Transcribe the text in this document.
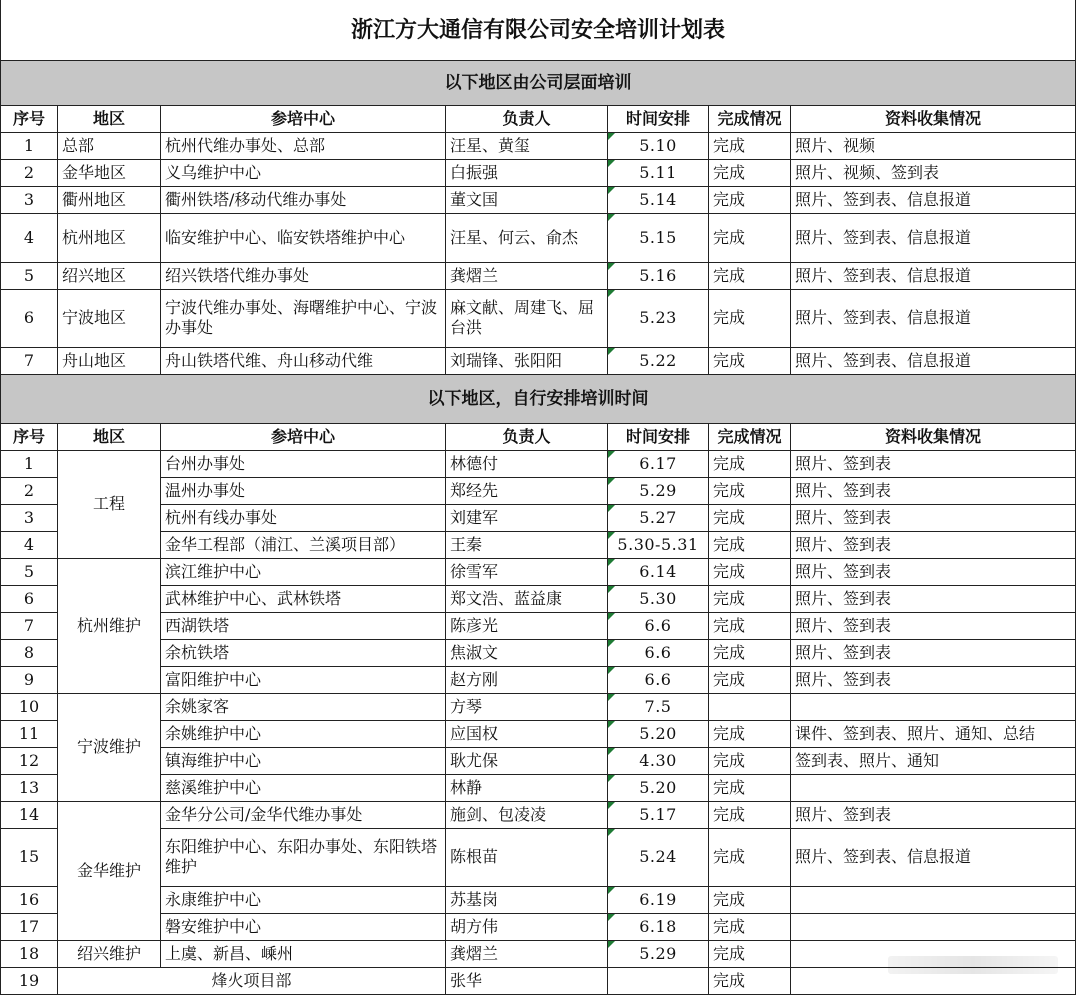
浙江方大通信有限公司安全培训计划表						
以下地区由公司层面培训						
序号	地区	参培中心	负责人	时间安排	完成情况	资料收集情况
1	总部	杭州代维办事处、总部	汪星、黄玺	5.10	完成	照片、视频
2	金华地区	义乌维护中心	白振强	5.11	完成	照片、视频、签到表
3	衢州地区	衢州铁塔/移动代维办事处	董文国	5.14	完成	照片、签到表、信息报道
4	杭州地区	临安维护中心、临安铁塔维护中心	汪星、何云、俞杰	5.15	完成	照片、签到表、信息报道
5	绍兴地区	绍兴铁塔代维办事处	龚熠兰	5.16	完成	照片、签到表、信息报道
6	宁波地区	宁波代维办事处、海曙维护中心、宁波办事处	麻文献、周建飞、屈台洪	5.23	完成	照片、签到表、信息报道
7	舟山地区	舟山铁塔代维、舟山移动代维	刘瑞锋、张阳阳	5.22	完成	照片、签到表、信息报道
以下地区，自行安排培训时间						
序号	地区	参培中心	负责人	时间安排	完成情况	资料收集情况
1	工程	台州办事处	林德付	6.17	完成	照片、签到表
2		温州办事处	郑经先	5.29	完成	照片、签到表
3		杭州有线办事处	刘建军	5.27	完成	照片、签到表
4		金华工程部（浦江、兰溪项目部）	王秦	5.30-5.31	完成	照片、签到表
5	杭州维护	滨江维护中心	徐雪军	6.14	完成	照片、签到表
6		武林维护中心、武林铁塔	郑文浩、蓝益康	5.30	完成	照片、签到表
7		西湖铁塔	陈彦光	6.6	完成	照片、签到表
8		余杭铁塔	焦淑文	6.6	完成	照片、签到表
9		富阳维护中心	赵方刚	6.6	完成	照片、签到表
10	宁波维护	余姚家客	方琴	7.5		
11		余姚维护中心	应国权	5.20	完成	课件、签到表、照片、通知、总结
12		镇海维护中心	耿尤保	4.30	完成	签到表、照片、通知
13		慈溪维护中心	林静	5.20	完成	
14	金华维护	金华分公司/金华代维办事处	施剑、包凌凌	5.17	完成	照片、签到表
15		东阳维护中心、东阳办事处、东阳铁塔维护	陈根苗	5.24	完成	照片、签到表、信息报道
16		永康维护中心	苏基岗	6.19	完成	
17		磐安维护中心	胡方伟	6.18	完成	
18	绍兴维护	上虞、新昌、嵊州	龚熠兰	5.29	完成	
19	烽火项目部		张华		完成	
